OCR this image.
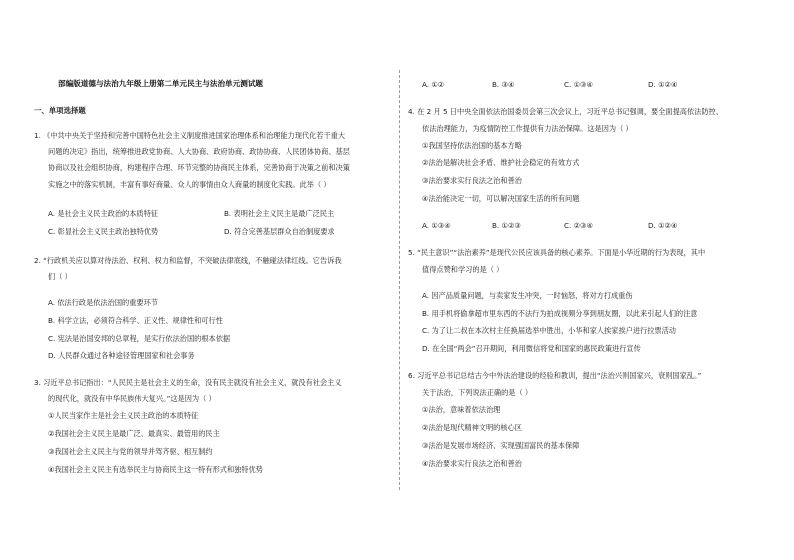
部编版道德与法治九年级上册第二单元民主与法治单元测试题
一、单项选择题
1. 《中共中央关于坚持和完善中国特色社会主义制度推进国家治理体系和治理能力现代化若干重大
问题的决定》指出，统筹推进政党协商、人大协商、政府协商、政协协商、人民团体协商、基层
协商以及社会组织协商，构建程序合理、环节完整的协商民主体系，完善协商于决策之前和决策
实施之中的落实机制，丰富有事好商量、众人的事情由众人商量的制度化实践。此举（ ）
A. 是社会主义民主政治的本质特征	B. 表明社会主义民主是最广泛民主
C. 彰显社会主义民主政治独特优势	D. 符合完善基层群众自治制度要求
2. “行政机关应以算对待法治、权利、权力和监督，不突破法律底线，不触碰法律红线。它告诉我
们（ ）
A. 依法行政是依法治国的重要环节
B. 科学立法，必须符合科学、正义性、规律性和可行性
C. 宪法是治国安邦的总章程，是实行依法治国的根本依据
D. 人民群众通过各种途径管理国家和社会事务
3. 习近平总书记指出：“人民民主是社会主义的生命，没有民主就没有社会主义，就没有社会主义
的现代化，就没有中华民族伟大复兴。”这是因为（ ）
①人民当家作主是社会主义民主政治的本质特征
②我国社会主义民主是最广泛、最真实、最管用的民主
③我国社会主义民主与党的领导并驾齐驱、相互制约
④我国社会主义民主有选举民主与协商民主这一特有形式和独特优势
A. ①②	B. ③④	C. ①③④	D. ①②④
4. 在 2 月 5 日中央全面依法治国委员会第三次会议上，习近平总书记强调，要全面提高依法防控、
依法治理能力，为疫情防控工作提供有力法治保障。这是因为（ ）
①我国坚持依法治国的基本方略
②法治是解决社会矛盾、维护社会稳定的有效方式
③法治要求实行良法之治和善治
④法治能决定一切，可以解决国家生活的所有问题
A. ①③④	B. ①②③	C. ②③④	D. ①②④
5. “民主意识”“法治素养”是现代公民应该具备的核心素养。下面是小华近期的行为表现，其中
值得点赞和学习的是（ ）
A. 因产品质量问题，与卖家发生冲突，一时恼怒，将对方打成重伤
B. 用手机将偷拿超市里东西的不法行为拍成视频分享到朋友圈，以此来引起人们的注意
C. 为了让二叔在本次村主任换届选举中胜出，小华和家人挨家挨户进行拉票活动
D. 在全国“两会”召开期间，利用微信将党和国家的惠民政策进行宣传
6. 习近平总书记总结古今中外法治建设的经验和教训，提出“法治兴则国家兴，衰则国家乱。”
关于法治，下列说法正确的是（ ）
①法治，意味着依法治理
②法治是现代精神文明的核心区
③法治是发展市场经济、实现强国富民的基本保障
④法治要求实行良法之治和善治
